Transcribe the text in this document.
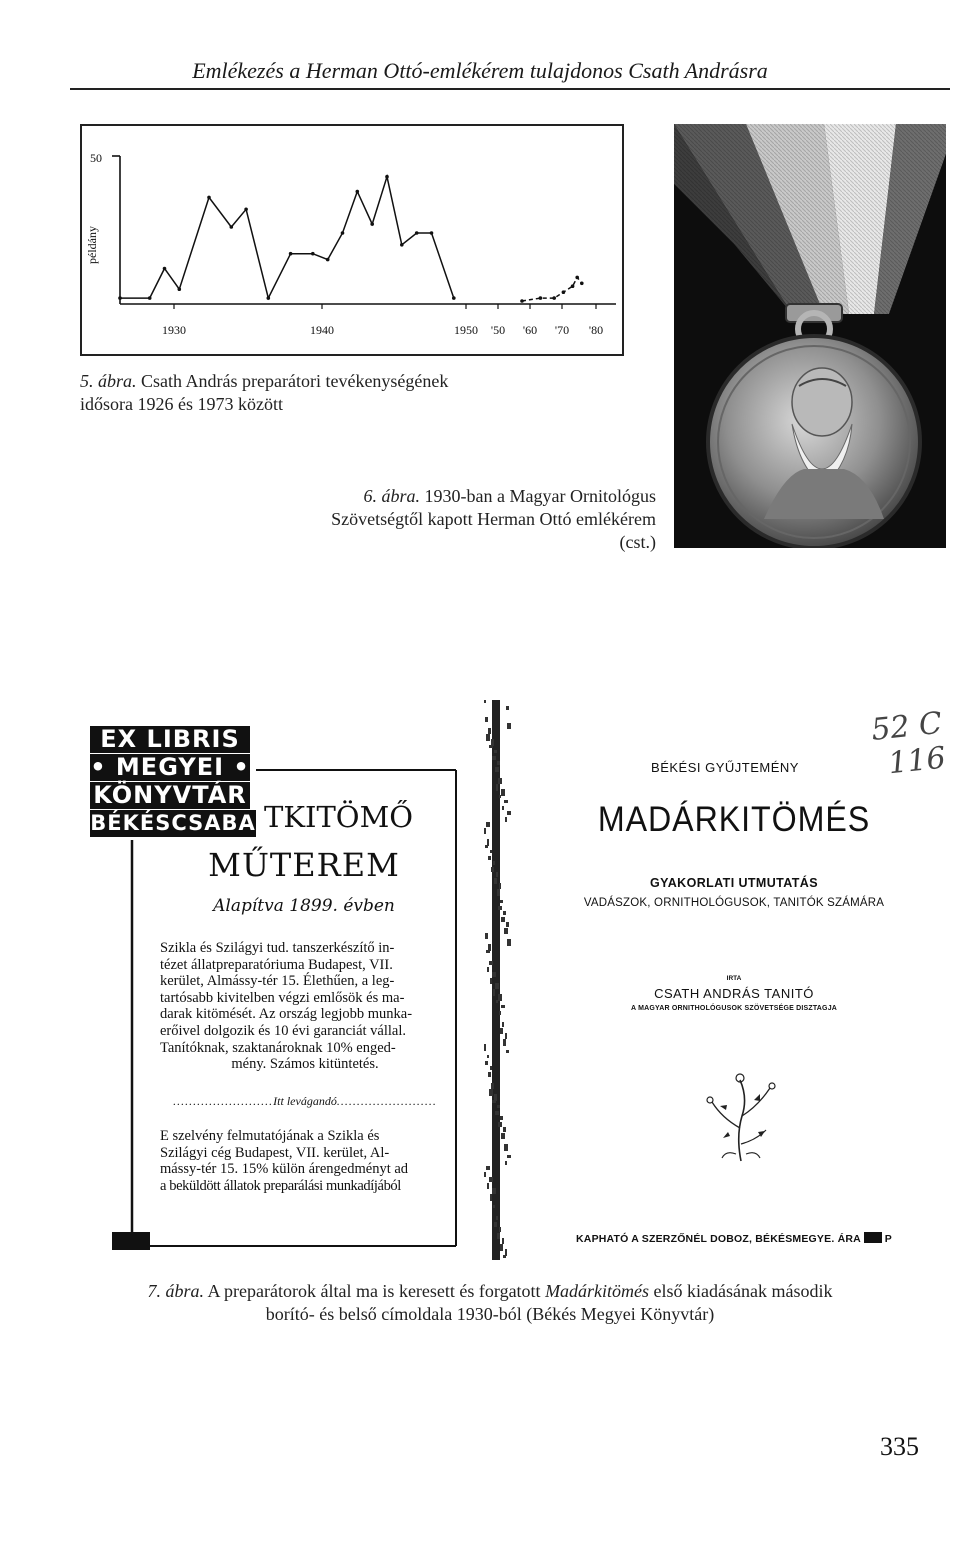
Emlékezés a Herman Ottó-emlékérem tulajdonos Csath Andrásra
50
példány
1930	1940	1950 '50 '60 '70 '80
5. ábra. Csath András preparátori tevékenységének
idősora 1926 és 1973 között
6. ábra. 1930-ban a Magyar Ornitológus
Szövetségtől kapott Herman Ottó emlékérem
(cst.)
EX LIBRIS
• MEGYEI •
KÖNYVTÁR
BÉKÉSCSABA TKITÖMŐ
MŰTEREM
Alapítva 1899. évben
Szikla és Szilágyi tud. tanszerkészítő in-
tézet állatpreparatóriuma Budapest, VII.
kerület, Almássy-tér 15. Élethűen, a leg-
tartósabb kivitelben végzi emlősök és ma-
darak kitömését. Az ország legjobb munka-
erőivel dolgozik és 10 évi garanciát vállal.
Tanítóknak, szaktanároknak 10% enged-
mény. Számos kitüntetés.
.........................Itt levágandó.........................
E szelvény felmutatójának a Szikla és
Szilágyi cég Budapest, VII. kerület, Al-
mássy-tér 15. 15% külön árengedményt ad
a beküldött állatok preparálási munkadíjából
52 C 116
BÉKÉSI GYŰJTEMÉNY
MADÁRKITÖMÉS
GYAKORLATI UTMUTATÁS
VADÁSZOK, ORNITHOLÓGUSOK, TANITÓK SZÁMÁRA
IRTA
CSATH ANDRÁS TANITÓ
A MAGYAR ORNITHOLÓGUSOK SZÖVETSÉGE DISZTAGJA
KAPHATÓ A SZERZŐNÉL DOBOZ, BÉKÉSMEGYE. ÁRA P
7. ábra. A preparátorok által ma is keresett és forgatott Madárkitömés első kiadásának második
borító- és belső címoldala 1930-ból (Békés Megyei Könyvtár)
335
